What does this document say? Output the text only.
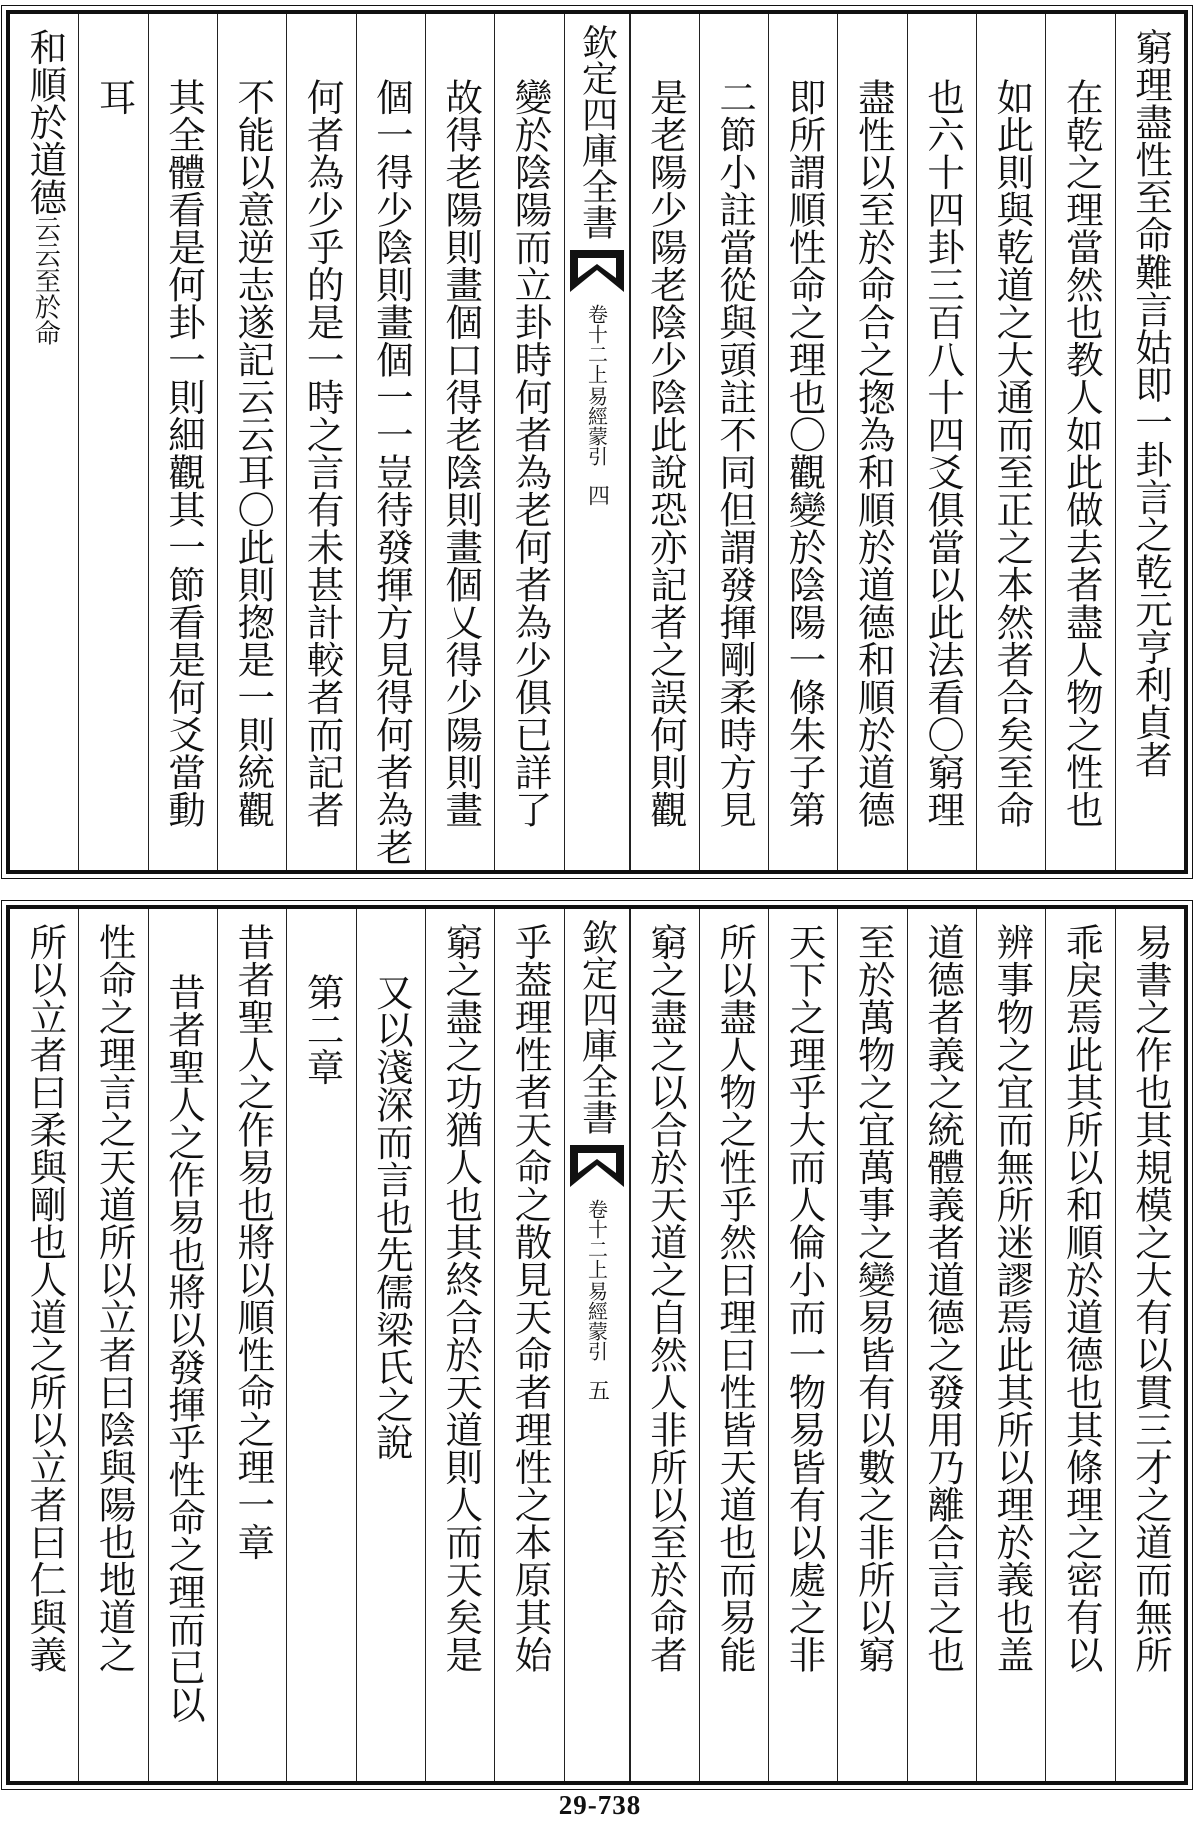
窮理盡性至命難言姑即一卦言之乾元亨利貞者
在乾之理當然也教人如此做去者盡人物之性也
如此則與乾道之大通而至正之本然者合矣至命
也六十四卦三百八十四爻俱當以此法看〇窮理
盡性以至於命合之揔為和順於道德和順於道德
即所謂順性命之理也〇觀變於陰陽一條朱子第
二節小註當從與頭註不同但謂發揮剛柔時方見
是老陽少陽老陰少陰此說恐亦記者之誤何則觀
欽定四庫全書
易經蒙引
卷十二上
四
變於陰陽而立卦時何者為老何者為少俱已詳了
故得老陽則畫個口得老陰則畫個乂得少陽則畫
個一得少陰則畫個一一豈待發揮方見得何者為老
何者為少乎的是一時之言有未甚計較者而記者
不能以意逆志遂記云云耳〇此則揔是一則統觀
其全體看是何卦一則細觀其一節看是何爻當動
耳
和順於道德云云至於命
易書之作也其規模之大有以貫三才之道而無所
乖戾焉此其所以和順於道德也其條理之密有以
辨事物之宜而無所迷謬焉此其所以理於義也盖
道德者義之統體義者道德之發用乃離合言之也
至於萬物之宜萬事之變易皆有以數之非所以窮
天下之理乎大而人倫小而一物易皆有以處之非
所以盡人物之性乎然曰理曰性皆天道也而易能
窮之盡之以合於天道之自然人非所以至於命者
欽定四庫全書
易經蒙引
卷十二上
五
乎葢理性者天命之散見天命者理性之本原其始
窮之盡之功猶人也其終合於天道則人而天矣是
又以淺深而言也先儒梁氏之說
第二章
昔者聖人之作易也將以順性命之理一章
昔者聖人之作易也將以發揮乎性命之理而已以
性命之理言之天道所以立者曰陰與陽也地道之
所以立者曰柔與剛也人道之所以立者曰仁與義
29-738
